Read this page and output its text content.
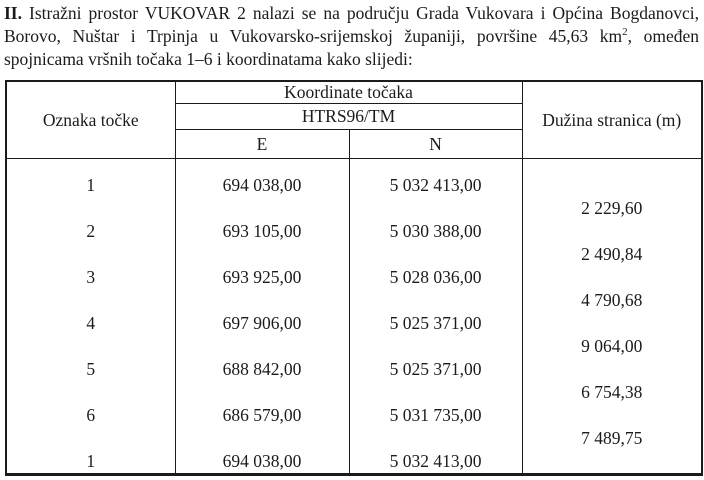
II. Istražni prostor VUKOVAR 2 nalazi se na području Grada Vukovara i Općina Bogdanovci,
Borovo, Nuštar i Trpinja u Vukovarsko-srijemskoj županiji, površine 45,63 $km^2$, omeđen
spojnicama vršnih točaka 1–6 i koordinatama kako slijedi:

Oznaka točke	Koordinate točaka		Dužina stranica (m)
	HTRS96/TM		
	E	N	

1	694 038,00	5 032 413,00	
			2 229,60
2	693 105,00	5 030 388,00	
			2 490,84
3	693 925,00	5 028 036,00	
			4 790,68
4	697 906,00	5 025 371,00	
			9 064,00
5	688 842,00	5 025 371,00	
			6 754,38
6	686 579,00	5 031 735,00	
			7 489,75
1	694 038,00	5 032 413,00	
